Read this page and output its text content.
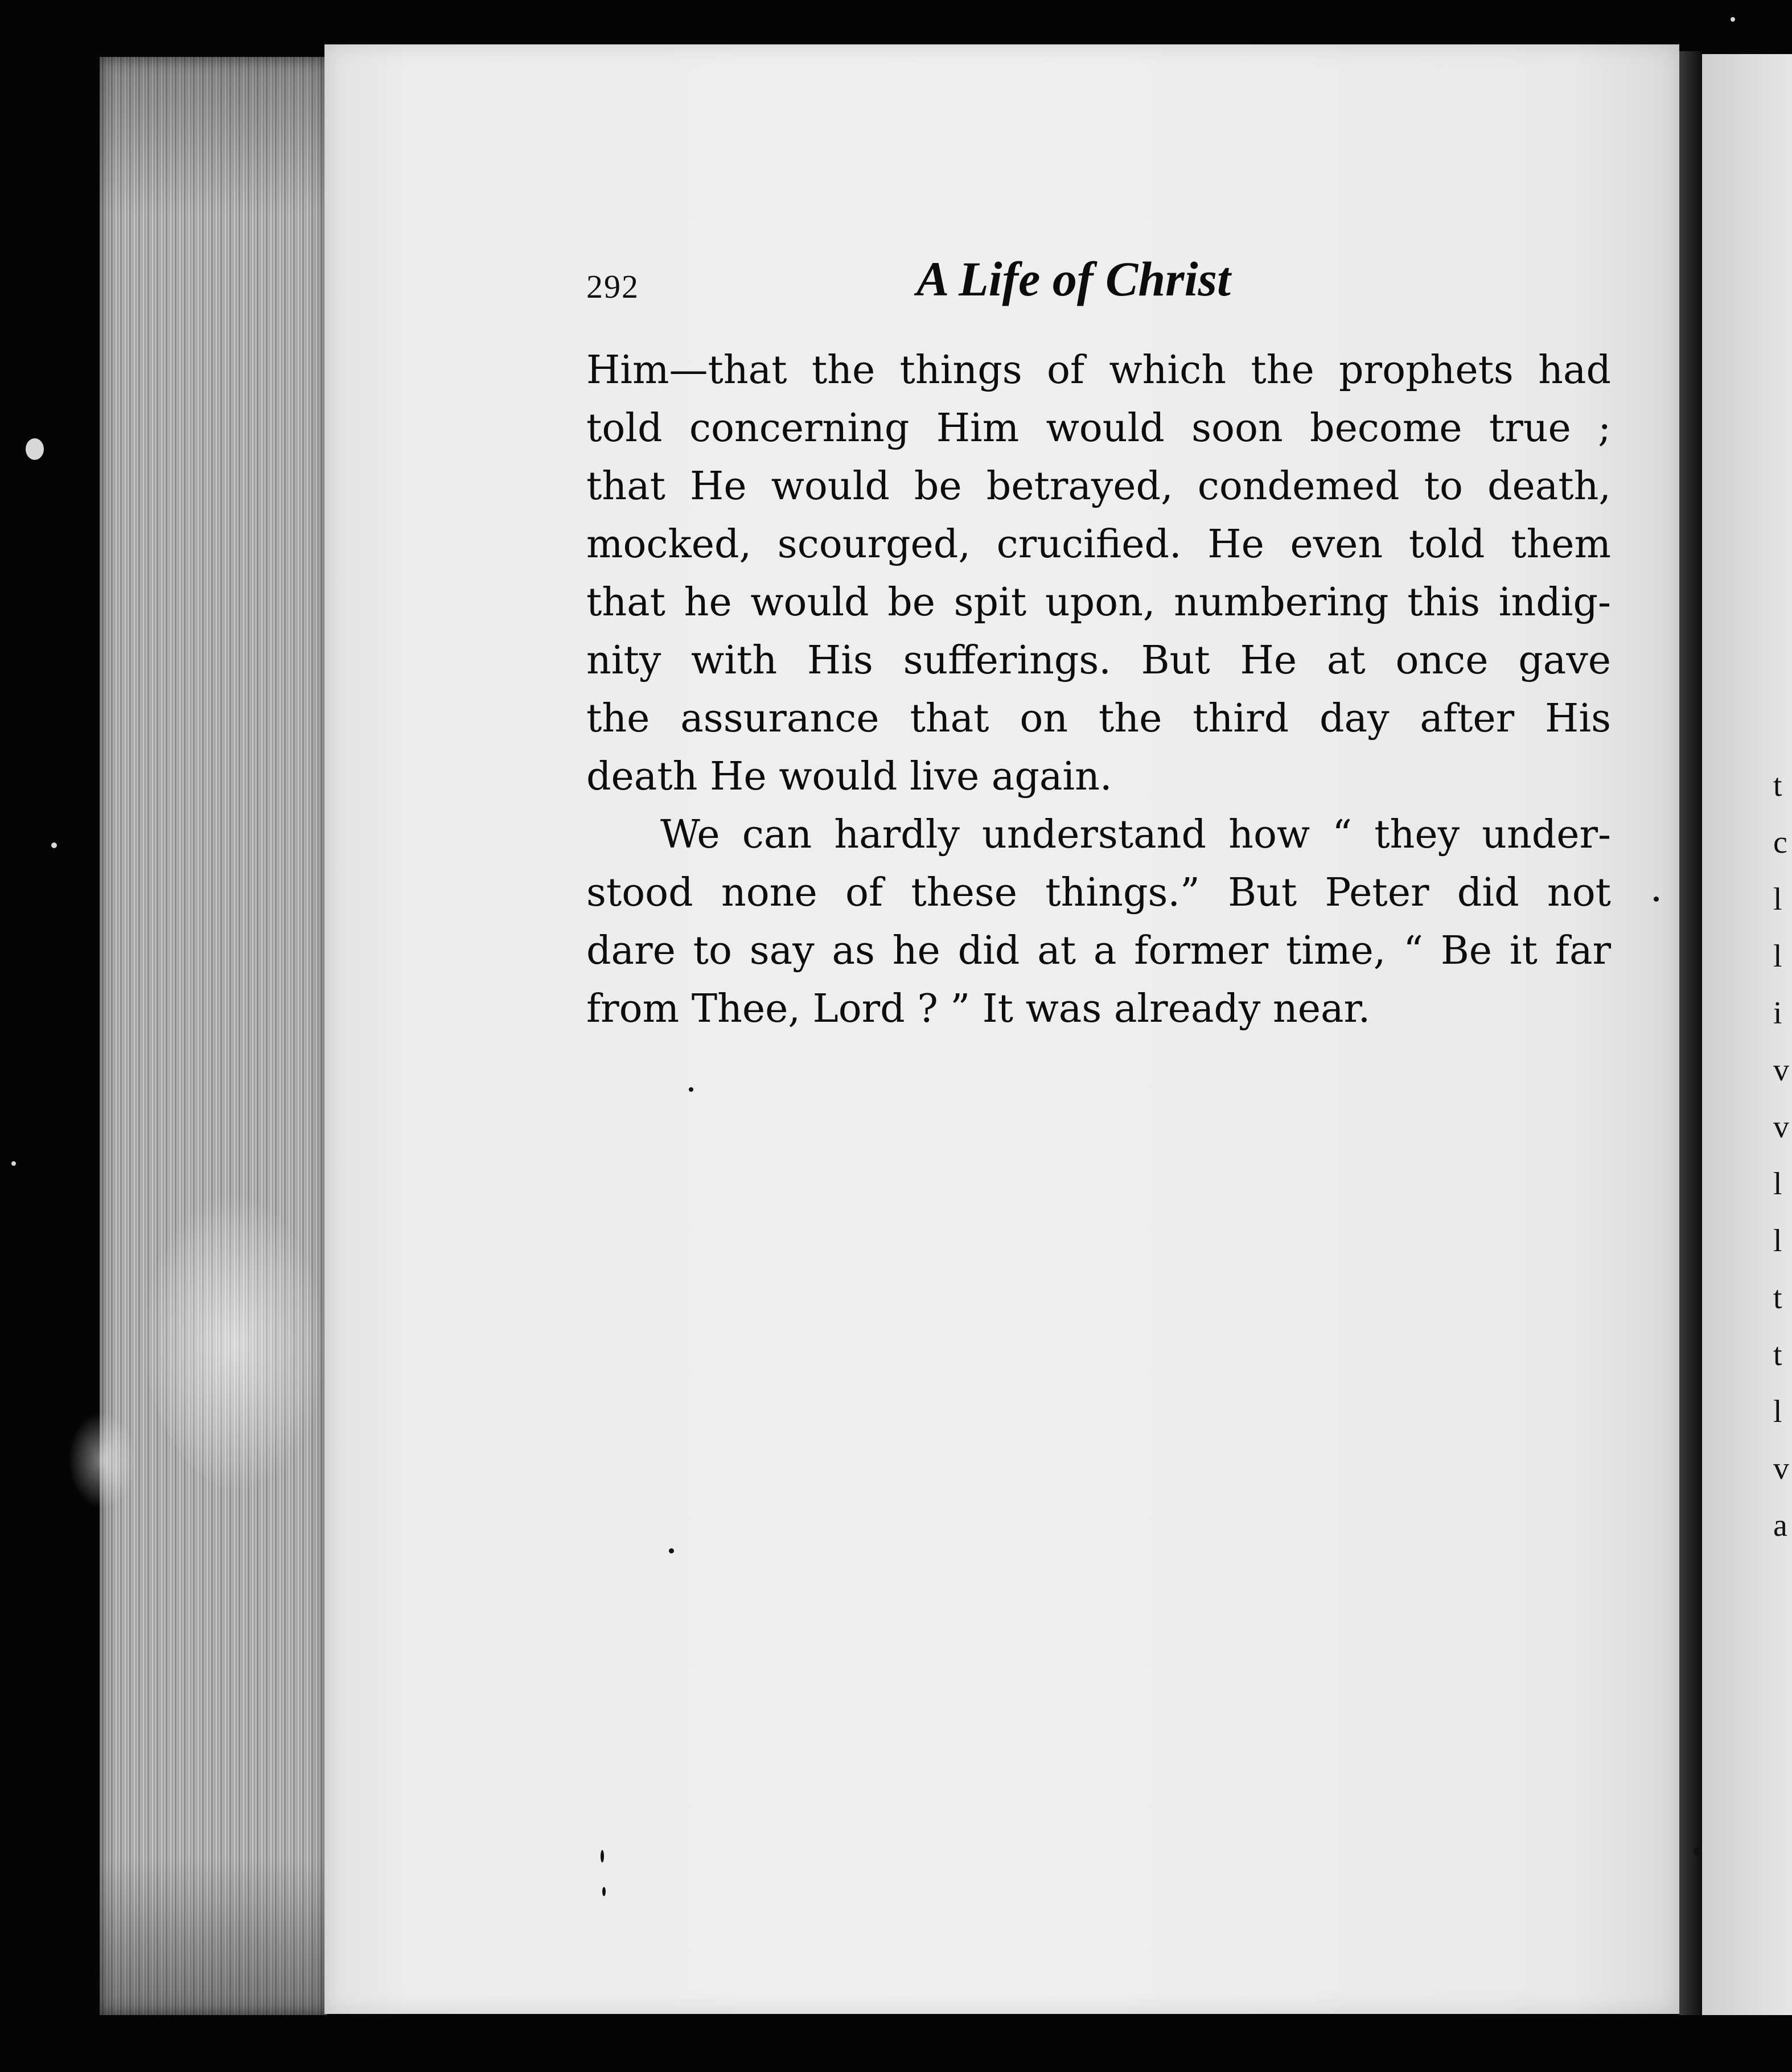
t
c
l
l
i
v
v
l
l
t
t
l
v
a
292	A Life of Christ
Him—that the things of which the prophets had
told concerning Him would soon become true ;
that He would be betrayed, condemed to death,
mocked, scourged, crucified. He even told them
that he would be spit upon, numbering this indig-
nity with His sufferings. But He at once gave
the assurance that on the third day after His
death He would live again.
We can hardly understand how “ they under-
stood none of these things.” But Peter did not
dare to say as he did at a former time, “ Be it far
from Thee, Lord ? ” It was already near.
